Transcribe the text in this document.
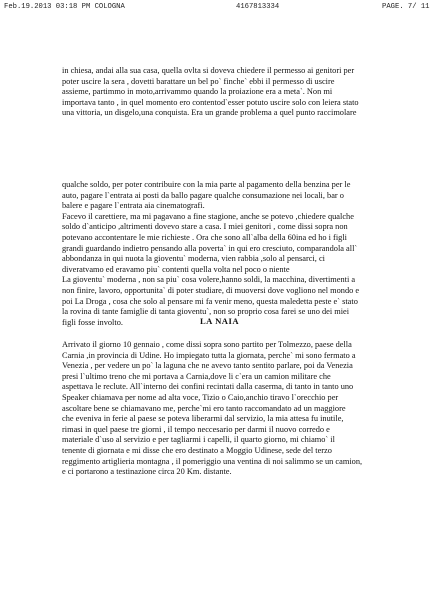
Feb.19.2013 03:18 PM COLOGNA	4167813334	PAGE. 7/ 11
in chiesa, andai alla sua casa, quella ovlta si doveva chiedere il permesso ai genitori per
poter uscire la sera , dovetti barattare un bel po` finche` ebbi il permesso di uscire
assieme, partimmo in moto,arrivammo quando la proiazione era a meta`. Non mi
importava tanto , in quel momento ero contentod`esser potuto uscire solo con leiera stato
una vittoria, un disgelo,una conquista. Era un grande problema a quel punto raccimolare
qualche soldo, per poter contribuire con la mia parte al pagamento della benzina per le
auto, pagare l`entrata ai posti da ballo pagare qualche consumazione nei locali, bar o
balere e pagare l`entrata aia cinematografi.
Facevo il carettiere, ma mi pagavano a fine stagione, anche se potevo ,chiedere qualche
soldo d`anticipo ,altrimenti dovevo stare a casa. I miei genitori , come dissi sopra non
potevano accontentare le mie richieste . Ora che sono all`alba della 60ina ed ho i figli
grandi guardando indietro pensando alla poverta` in qui ero cresciuto, comparandola all`
abbondanza in qui nuota la gioventu` moderna, vien rabbia ,solo al pensarci, ci
diveratvamo ed eravamo piu` contenti quella volta nel poco o niente
La gioventu` moderna , non sa piu` cosa volere,hanno soldi, la macchina, divertimenti a
non finire, lavoro, opportunita` di poter studiare, di muoversi dove vogliono nel mondo e
poi La Droga , cosa che solo al pensare mi fa venir meno, questa maledetta peste e` stato
la rovina di tante famiglie di tanta gioventu`, non so proprio cosa farei se uno dei miei
figli fosse involto.	LA NAIA
Arrivato il giorno 10 gennaio , come dissi sopra sono partito per Tolmezzo, paese della
Carnia ,in provincia di Udine. Ho impiegato tutta la giornata, perche` mi sono fermato a
Venezia , per vedere un po` la laguna che ne avevo tanto sentito parlare, poi da Venezia
presi l`ultimo treno che mi portava a Carnia,dove li c`era un camion militare che
aspettava le reclute. All`interno dei confini recintati dalla caserma, di tanto in tanto uno
Speaker chiamava per nome ad alta voce, Tizio o Caio,anchio tiravo l`orecchio per
ascoltare bene se chiamavano me, perche`mi ero tanto raccomandato ad un maggiore
che eveniva in ferie al paese se poteva liberarmi dal servizio, la mia attesa fu inutile,
rimasi in quel paese tre giorni , il tempo neccesario per darmi il nuovo corredo e
materiale d`uso al servizio e per tagliarmi i capelli, il quarto giorno, mi chiamo` il
tenente di giornata e mi disse che ero destinato a Moggio Udinese, sede del terzo
reggimento artiglieria montagna , il pomeriggio una ventina di noi salimmo se un camion,
e ci portarono a testinazione circa 20 Km. distante.
